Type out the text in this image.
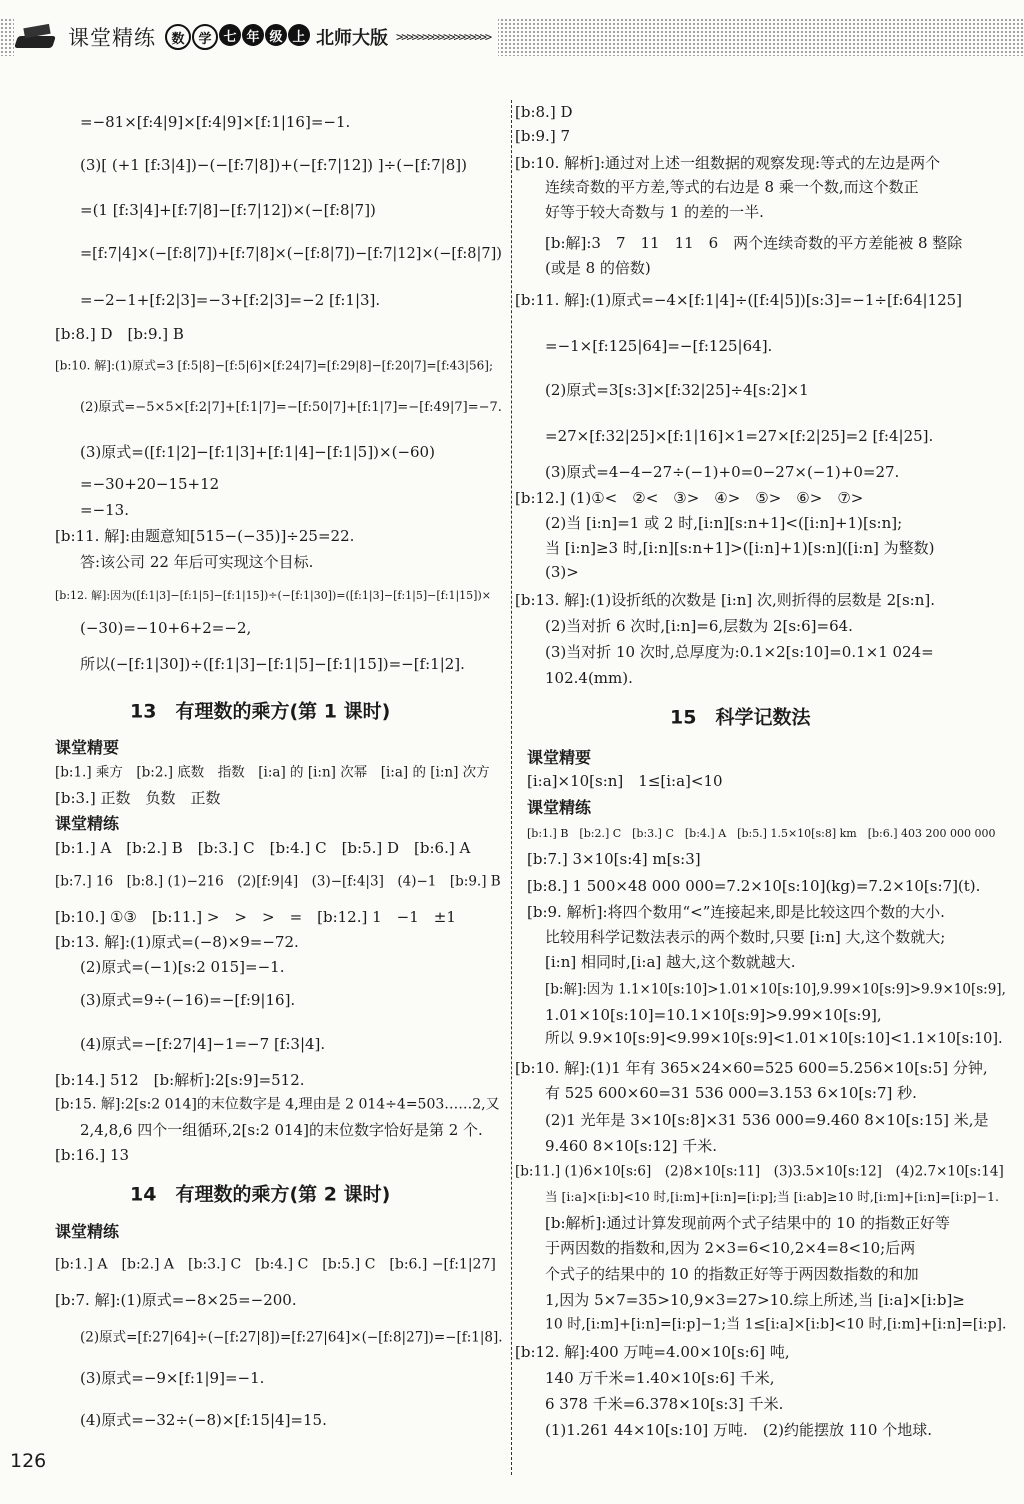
课堂精练	数	学 七 年 级 上 北师大版 >>>>>>>>>>>>>>>>>>
=−81×[f:4|9]×[f:4|9]×[f:1|16]=−1.
(3)[ (+1 [f:3|4])−(−[f:7|8])+(−[f:7|12]) ]÷(−[f:7|8])
=(1 [f:3|4]+[f:7|8]−[f:7|12])×(−[f:8|7])
=[f:7|4]×(−[f:8|7])+[f:7|8]×(−[f:8|7])−[f:7|12]×(−[f:8|7])
=−2−1+[f:2|3]=−3+[f:2|3]=−2 [f:1|3].
[b:8.] D　[b:9.] B
[b:10. 解]:(1)原式=3 [f:5|8]−[f:5|6]×[f:24|7]=[f:29|8]−[f:20|7]=[f:43|56];
(2)原式=−5×5×[f:2|7]+[f:1|7]=−[f:50|7]+[f:1|7]=−[f:49|7]=−7.
(3)原式=([f:1|2]−[f:1|3]+[f:1|4]−[f:1|5])×(−60)
=−30+20−15+12
=−13.
[b:11. 解]:由题意知[515−(−35)]÷25=22.
答:该公司 22 年后可实现这个目标.
[b:12. 解]:因为([f:1|3]−[f:1|5]−[f:1|15])÷(−[f:1|30])=([f:1|3]−[f:1|5]−[f:1|15])×
(−30)=−10+6+2=−2,
所以(−[f:1|30])÷([f:1|3]−[f:1|5]−[f:1|15])=−[f:1|2].
13　有理数的乘方(第 1 课时)
课堂精要
[b:1.] 乘方　[b:2.] 底数　指数　[i:a] 的 [i:n] 次幂　[i:a] 的 [i:n] 次方
[b:3.] 正数　负数　正数
课堂精练
[b:1.] A　[b:2.] B　[b:3.] C　[b:4.] C　[b:5.] D　[b:6.] A
[b:7.] 16　[b:8.] (1)−216　(2)[f:9|4]　(3)−[f:4|3]　(4)−1　[b:9.] B
[b:10.] ①③　[b:11.] >　>　>　=　[b:12.] 1　−1　±1
[b:13. 解]:(1)原式=(−8)×9=−72.
(2)原式=(−1)[s:2 015]=−1.
(3)原式=9÷(−16)=−[f:9|16].
(4)原式=−[f:27|4]−1=−7 [f:3|4].
[b:14.] 512　[b:解析]:2[s:9]=512.
[b:15. 解]:2[s:2 014]的末位数字是 4,理由是 2 014÷4=503……2,又
2,4,8,6 四个一组循环,2[s:2 014]的末位数字恰好是第 2 个.
[b:16.] 13
14　有理数的乘方(第 2 课时)
课堂精练
[b:1.] A　[b:2.] A　[b:3.] C　[b:4.] C　[b:5.] C　[b:6.] −[f:1|27]
[b:7. 解]:(1)原式=−8×25=−200.
(2)原式=[f:27|64]÷(−[f:27|8])=[f:27|64]×(−[f:8|27])=−[f:1|8].
(3)原式=−9×[f:1|9]=−1.
(4)原式=−32÷(−8)×[f:15|4]=15.
[b:8.] D
[b:9.] 7
[b:10. 解析]:通过对上述一组数据的观察发现:等式的左边是两个
连续奇数的平方差,等式的右边是 8 乘一个数,而这个数正
好等于较大奇数与 1 的差的一半.
[b:解]:3　7　11　11　6　两个连续奇数的平方差能被 8 整除
(或是 8 的倍数)
[b:11. 解]:(1)原式=−4×[f:1|4]÷([f:4|5])[s:3]=−1÷[f:64|125]
=−1×[f:125|64]=−[f:125|64].
(2)原式=3[s:3]×[f:32|25]÷4[s:2]×1
=27×[f:32|25]×[f:1|16]×1=27×[f:2|25]=2 [f:4|25].
(3)原式=4−4−27÷(−1)+0=0−27×(−1)+0=27.
[b:12.] (1)①<　②<　③>　④>　⑤>　⑥>　⑦>
(2)当 [i:n]=1 或 2 时,[i:n][s:n+1]<([i:n]+1)[s:n];
当 [i:n]≥3 时,[i:n][s:n+1]>([i:n]+1)[s:n]([i:n] 为整数)
(3)>
[b:13. 解]:(1)设折纸的次数是 [i:n] 次,则折得的层数是 2[s:n].
(2)当对折 6 次时,[i:n]=6,层数为 2[s:6]=64.
(3)当对折 10 次时,总厚度为:0.1×2[s:10]=0.1×1 024=
102.4(mm).
15　科学记数法
课堂精要
[i:a]×10[s:n]　1≤[i:a]<10
课堂精练
[b:1.] B　[b:2.] C　[b:3.] C　[b:4.] A　[b:5.] 1.5×10[s:8] km　[b:6.] 403 200 000 000
[b:7.] 3×10[s:4] m[s:3]
[b:8.] 1 500×48 000 000=7.2×10[s:10](kg)=7.2×10[s:7](t).
[b:9. 解析]:将四个数用“<”连接起来,即是比较这四个数的大小.
比较用科学记数法表示的两个数时,只要 [i:n] 大,这个数就大;
[i:n] 相同时,[i:a] 越大,这个数就越大.
[b:解]:因为 1.1×10[s:10]>1.01×10[s:10],9.99×10[s:9]>9.9×10[s:9],
1.01×10[s:10]=10.1×10[s:9]>9.99×10[s:9],
所以 9.9×10[s:9]<9.99×10[s:9]<1.01×10[s:10]<1.1×10[s:10].
[b:10. 解]:(1)1 年有 365×24×60=525 600=5.256×10[s:5] 分钟,
有 525 600×60=31 536 000=3.153 6×10[s:7] 秒.
(2)1 光年是 3×10[s:8]×31 536 000=9.460 8×10[s:15] 米,是
9.460 8×10[s:12] 千米.
[b:11.] (1)6×10[s:6]　(2)8×10[s:11]　(3)3.5×10[s:12]　(4)2.7×10[s:14]
当 [i:a]×[i:b]<10 时,[i:m]+[i:n]=[i:p];当 [i:ab]≥10 时,[i:m]+[i:n]=[i:p]−1.
[b:解析]:通过计算发现前两个式子结果中的 10 的指数正好等
于两因数的指数和,因为 2×3=6<10,2×4=8<10;后两
个式子的结果中的 10 的指数正好等于两因数指数的和加
1,因为 5×7=35>10,9×3=27>10.综上所述,当 [i:a]×[i:b]≥
10 时,[i:m]+[i:n]=[i:p]−1;当 1≤[i:a]×[i:b]<10 时,[i:m]+[i:n]=[i:p].
[b:12. 解]:400 万吨=4.00×10[s:6] 吨,
140 万千米=1.40×10[s:6] 千米,
6 378 千米=6.378×10[s:3] 千米.
(1)1.261 44×10[s:10] 万吨.　(2)约能摆放 110 个地球.
126
